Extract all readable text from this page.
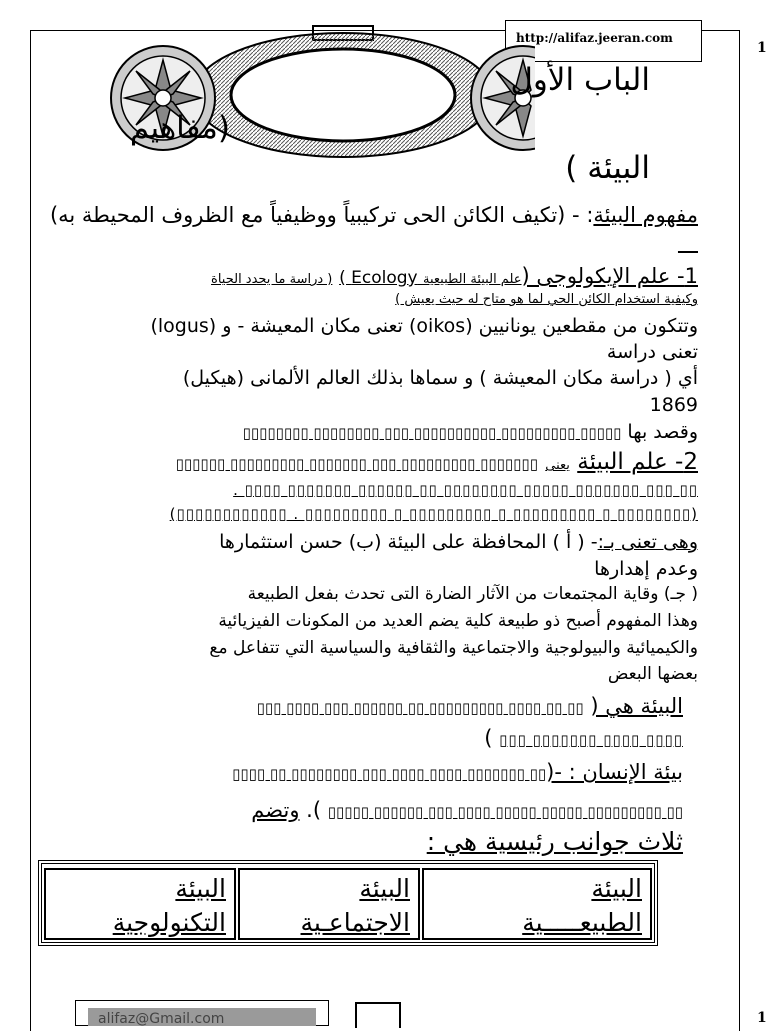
http://alifaz.jeeran.com
1
الباب الأول
(مفاهيم
البيئة )
مفهوم البيئة: - (تكيف الكائن الحى تركيبياً ووظيفياً مع الظروف المحيطة به)
1- علم الإيكولوجى (علم البيئة الطبيعية Ecology ) ( دراسة ما يحدد الحياة
وكيفية استخدام الكائن الحي لما هو متاح له حيث يعيش )
وتتكون من مقطعين يونانيين (oikos) تعنى مكان المعيشة - و (logus)
تعنى دراسة
أي ( دراسة مكان المعيشة ) و سماها بذلك العالم الألمانى (هيكيل)
1869
وقصد بها ▯▯▯▯▯ ▯▯▯▯▯▯▯▯▯ ▯▯▯▯▯▯▯▯▯▯ ▯▯▯ ▯▯▯▯▯▯▯▯ ▯▯▯▯▯▯▯▯
2- علم البيئة يعنى ▯▯▯▯▯▯▯ ▯▯▯▯▯▯▯▯▯ ▯▯▯ ▯▯▯▯▯▯▯ ▯▯▯▯▯▯▯▯▯ ▯▯▯▯▯▯
▯▯ ▯▯▯ ▯▯▯▯▯▯▯ ▯▯▯▯▯ ▯▯▯▯▯▯▯▯ ▯▯ ▯▯▯▯▯▯ ▯▯▯▯▯▯▯ ▯▯▯▯ .
(▯▯▯▯▯▯▯▯ ▯ ▯▯▯▯▯▯▯▯▯ ▯ ▯▯▯▯▯▯▯▯▯ ▯ ▯▯▯▯▯▯▯▯▯ . ▯▯▯▯▯▯▯▯▯▯▯▯)
وهى تعنى بـ:- ( أ ) المحافظة على البيئة (ب) حسن استثمارها
وعدم إهدارها
( جـ) وقاية المجتمعات من الآثار الضارة التى تحدث بفعل الطبيعة
وهذا المفهوم أصبح ذو طبيعة كلية يضم العديد من المكونات الفيزيائية
والكيميائية والبيولوجية والاجتماعية والثقافية والسياسية التي تتفاعل مع
بعضها البعض
البيئة هي ( ▯▯ ▯▯ ▯▯▯▯ ▯▯▯▯▯▯▯▯▯ ▯▯ ▯▯▯▯▯▯ ▯▯▯ ▯▯▯▯ ▯▯▯
▯▯▯▯ ▯▯▯▯ ▯▯▯▯▯▯▯ ▯▯▯ )
بيئة الإنسان : -(▯▯ ▯▯▯▯▯▯▯ ▯▯▯▯ ▯▯▯▯ ▯▯▯ ▯▯▯▯▯▯▯▯ ▯▯ ▯▯▯▯
▯▯ ▯▯▯▯▯▯▯▯▯ ▯▯▯▯▯ ▯▯▯▯▯ ▯▯▯▯ ▯▯▯ ▯▯▯▯▯▯ ▯▯▯▯▯ ). وتضم
ثلاث جوانب رئيسية هي :
البيئة
الطبيعـــــية
البيئة
الاجتماعـية
البيئة
التكنولوجية
alifaz@Gmail.com	1
